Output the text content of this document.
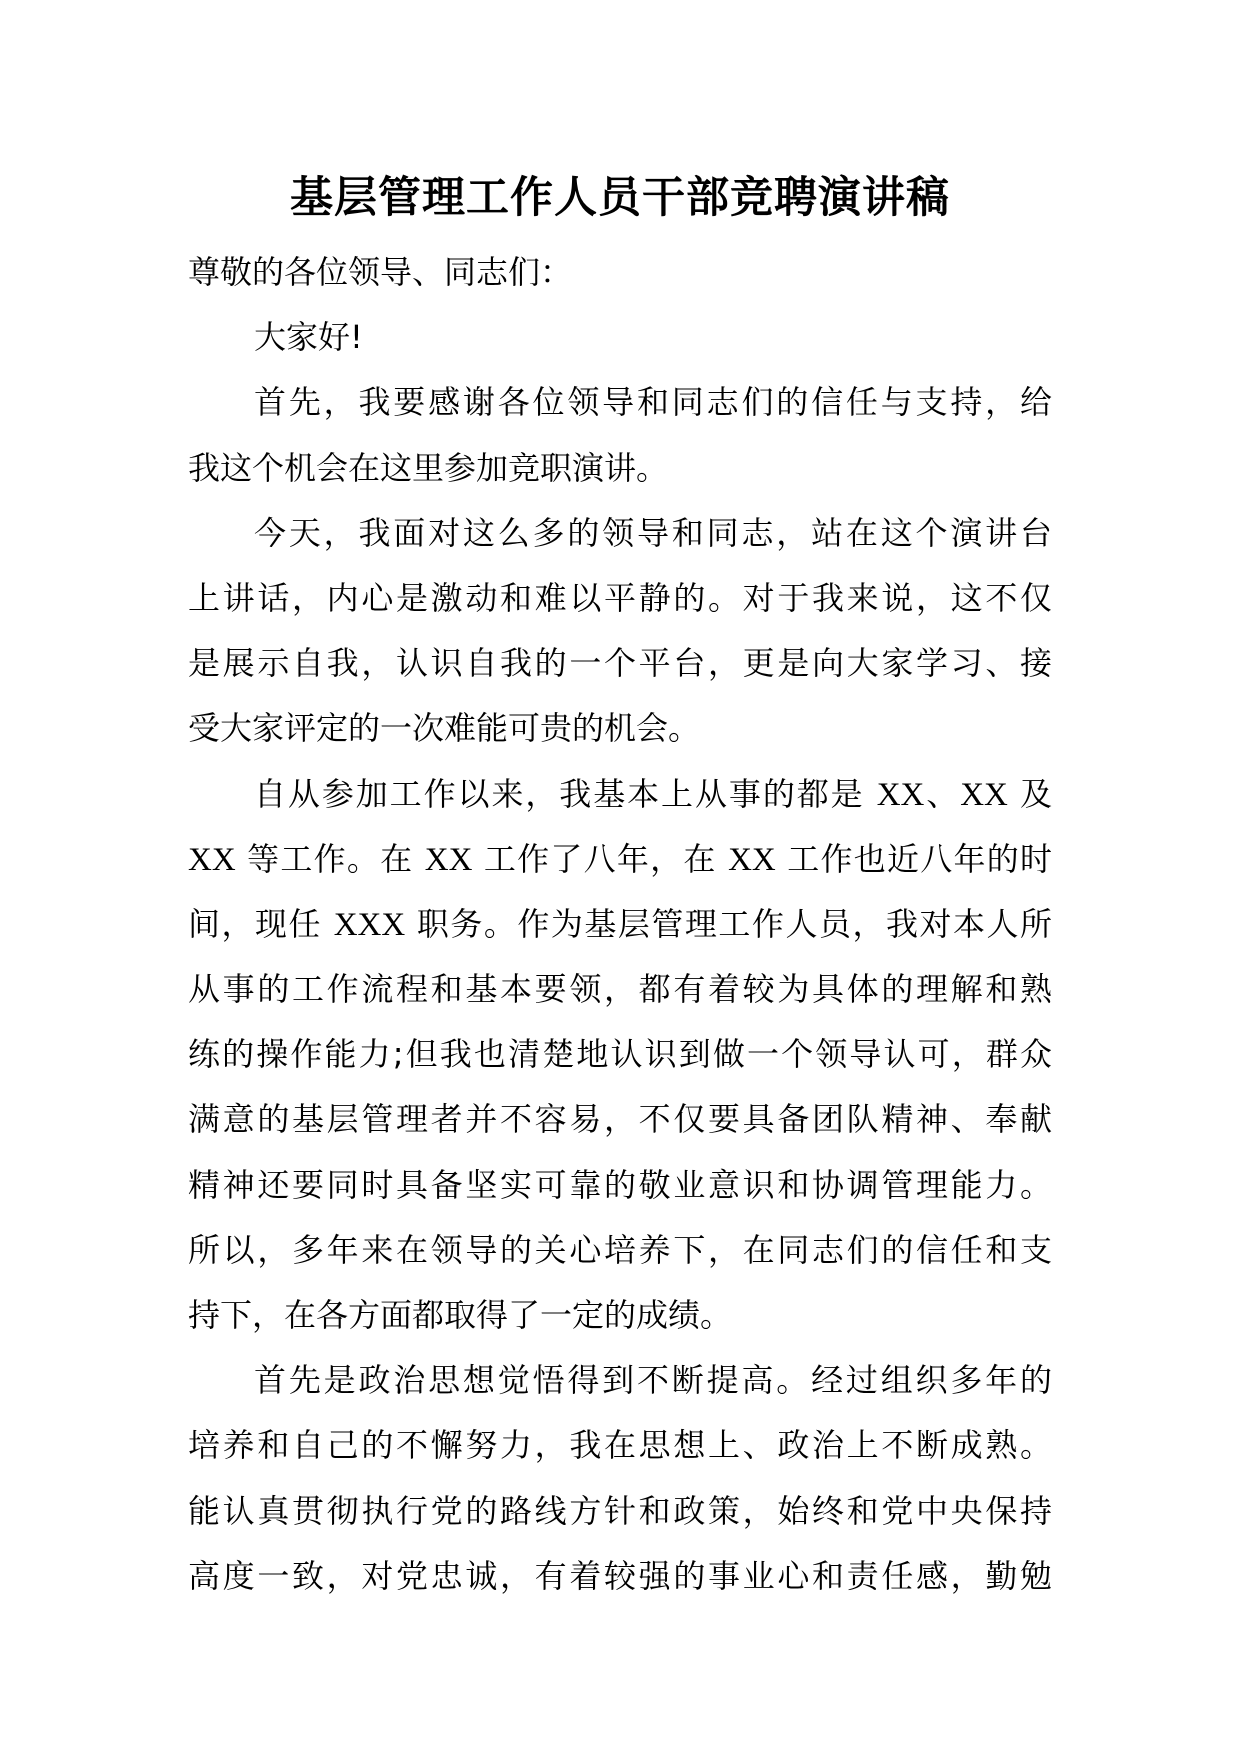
基层管理工作人员干部竞聘演讲稿
尊敬的各位领导、同志们：
大家好!
首先，我要感谢各位领导和同志们的信任与支持，给
我这个机会在这里参加竞职演讲。
今天，我面对这么多的领导和同志，站在这个演讲台
上讲话，内心是激动和难以平静的。对于我来说，这不仅
是展示自我，认识自我的一个平台，更是向大家学习、接
受大家评定的一次难能可贵的机会。
自从参加工作以来，我基本上从事的都是 XX、XX 及
XX 等工作。在 XX 工作了八年，在 XX 工作也近八年的时
间，现任 XXX 职务。作为基层管理工作人员，我对本人所
从事的工作流程和基本要领，都有着较为具体的理解和熟
练的操作能力;但我也清楚地认识到做一个领导认可，群众
满意的基层管理者并不容易，不仅要具备团队精神、奉献
精神还要同时具备坚实可靠的敬业意识和协调管理能力。
所以，多年来在领导的关心培养下，在同志们的信任和支
持下，在各方面都取得了一定的成绩。
首先是政治思想觉悟得到不断提高。经过组织多年的
培养和自己的不懈努力，我在思想上、政治上不断成熟。
能认真贯彻执行党的路线方针和政策，始终和党中央保持
高度一致，对党忠诚，有着较强的事业心和责任感，勤勉
